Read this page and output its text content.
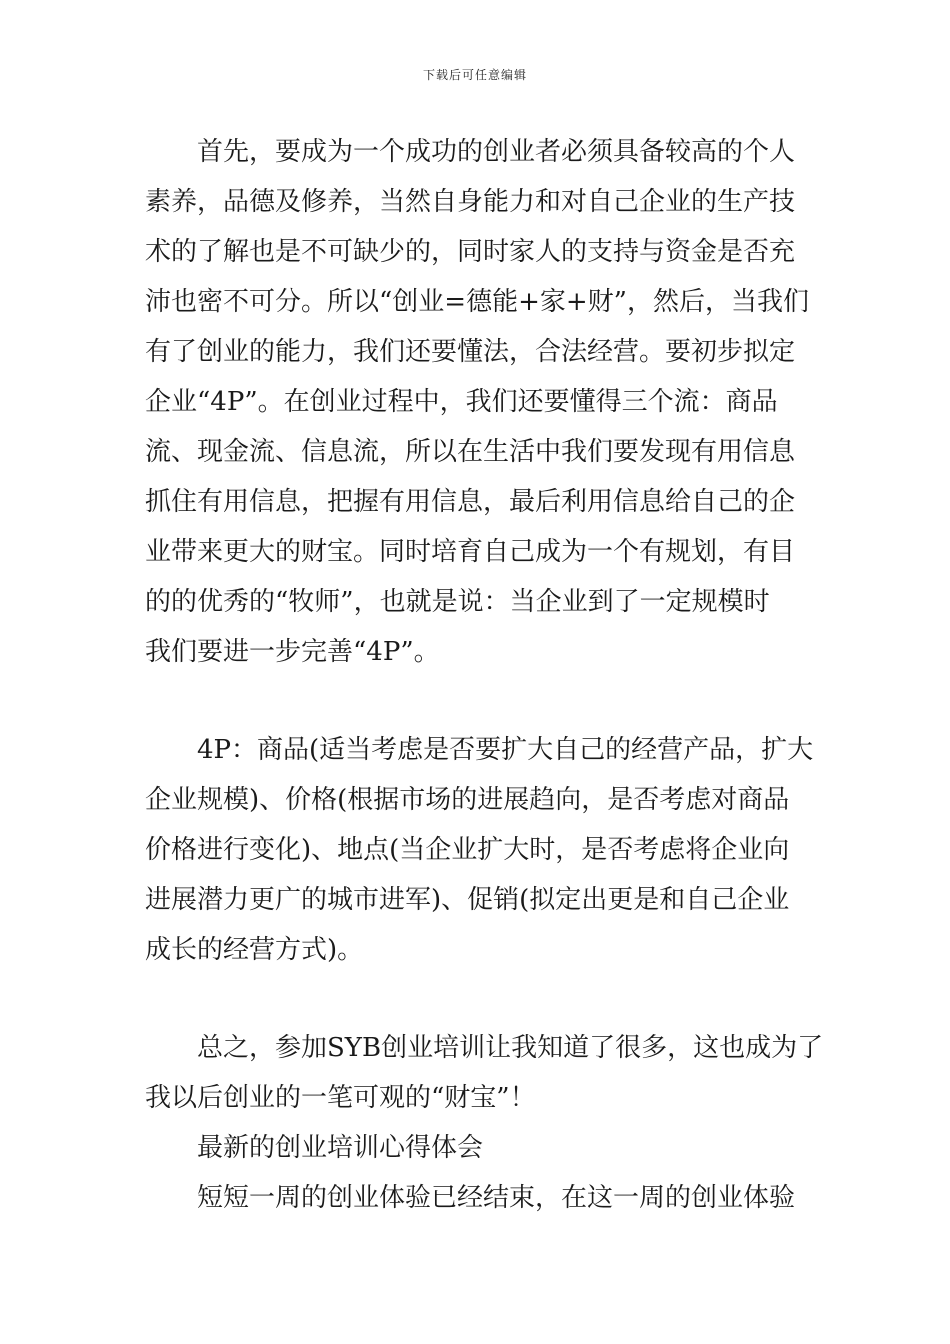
下载后可任意编辑
　　首先，要成为一个成功的创业者必须具备较高的个人
素养，品德及修养，当然自身能力和对自己企业的生产技
术的了解也是不可缺少的，同时家人的支持与资金是否充
沛也密不可分。所以“创业=德能+家+财”，然后，当我们
有了创业的能力，我们还要懂法，合法经营。要初步拟定
企业“4P”。在创业过程中，我们还要懂得三个流：商品
流、现金流、信息流，所以在生活中我们要发现有用信息
抓住有用信息，把握有用信息，最后利用信息给自己的企
业带来更大的财宝。同时培育自己成为一个有规划，有目
的的优秀的“牧师”，也就是说：当企业到了一定规模时
我们要进一步完善“4P”。
　　4P：商品(适当考虑是否要扩大自己的经营产品，扩大
企业规模)、价格(根据市场的进展趋向，是否考虑对商品
价格进行变化)、地点(当企业扩大时，是否考虑将企业向
进展潜力更广的城市进军)、促销(拟定出更是和自己企业
成长的经营方式)。
　　总之，参加SYB创业培训让我知道了很多，这也成为了
我以后创业的一笔可观的“财宝”！
　　最新的创业培训心得体会
　　短短一周的创业体验已经结束，在这一周的创业体验
